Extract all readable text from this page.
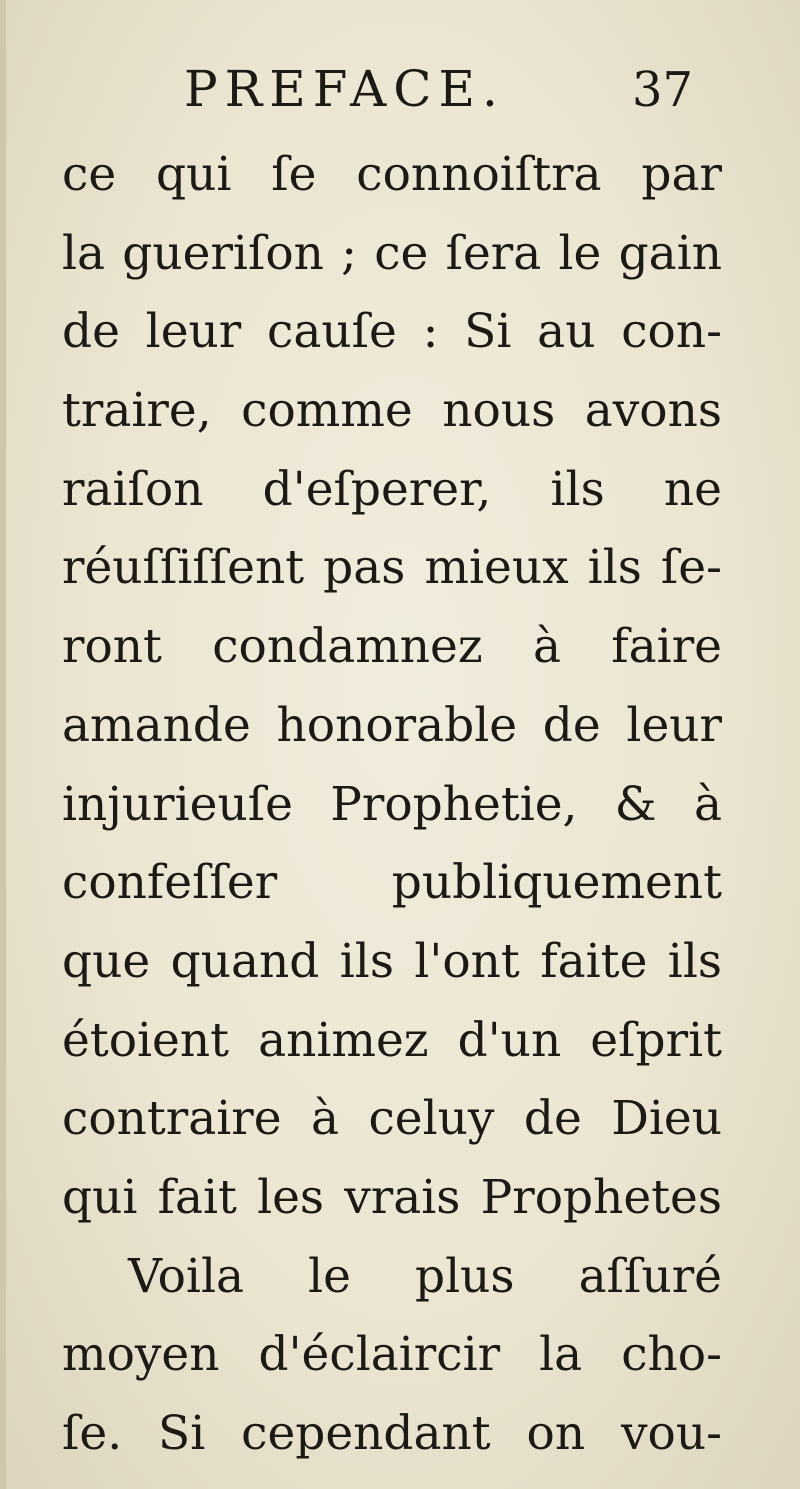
PREFACE.	37
ce qui ſe connoiſtra par
la gueriſon ; ce ſera le gain
de leur cauſe : Si au con-
traire, comme nous avons
raiſon d'eſperer, ils ne
réuſſiſſent pas mieux ils ſe-
ront condamnez à faire
amande honorable de leur
injurieuſe Prophetie, & à
confeſſer publiquement
que quand ils l'ont faite ils
étoient animez d'un eſprit
contraire à celuy de Dieu
qui fait les vrais Prophetes
Voila le plus aſſuré
moyen d'éclaircir la cho-
ſe. Si cependant on vou-
